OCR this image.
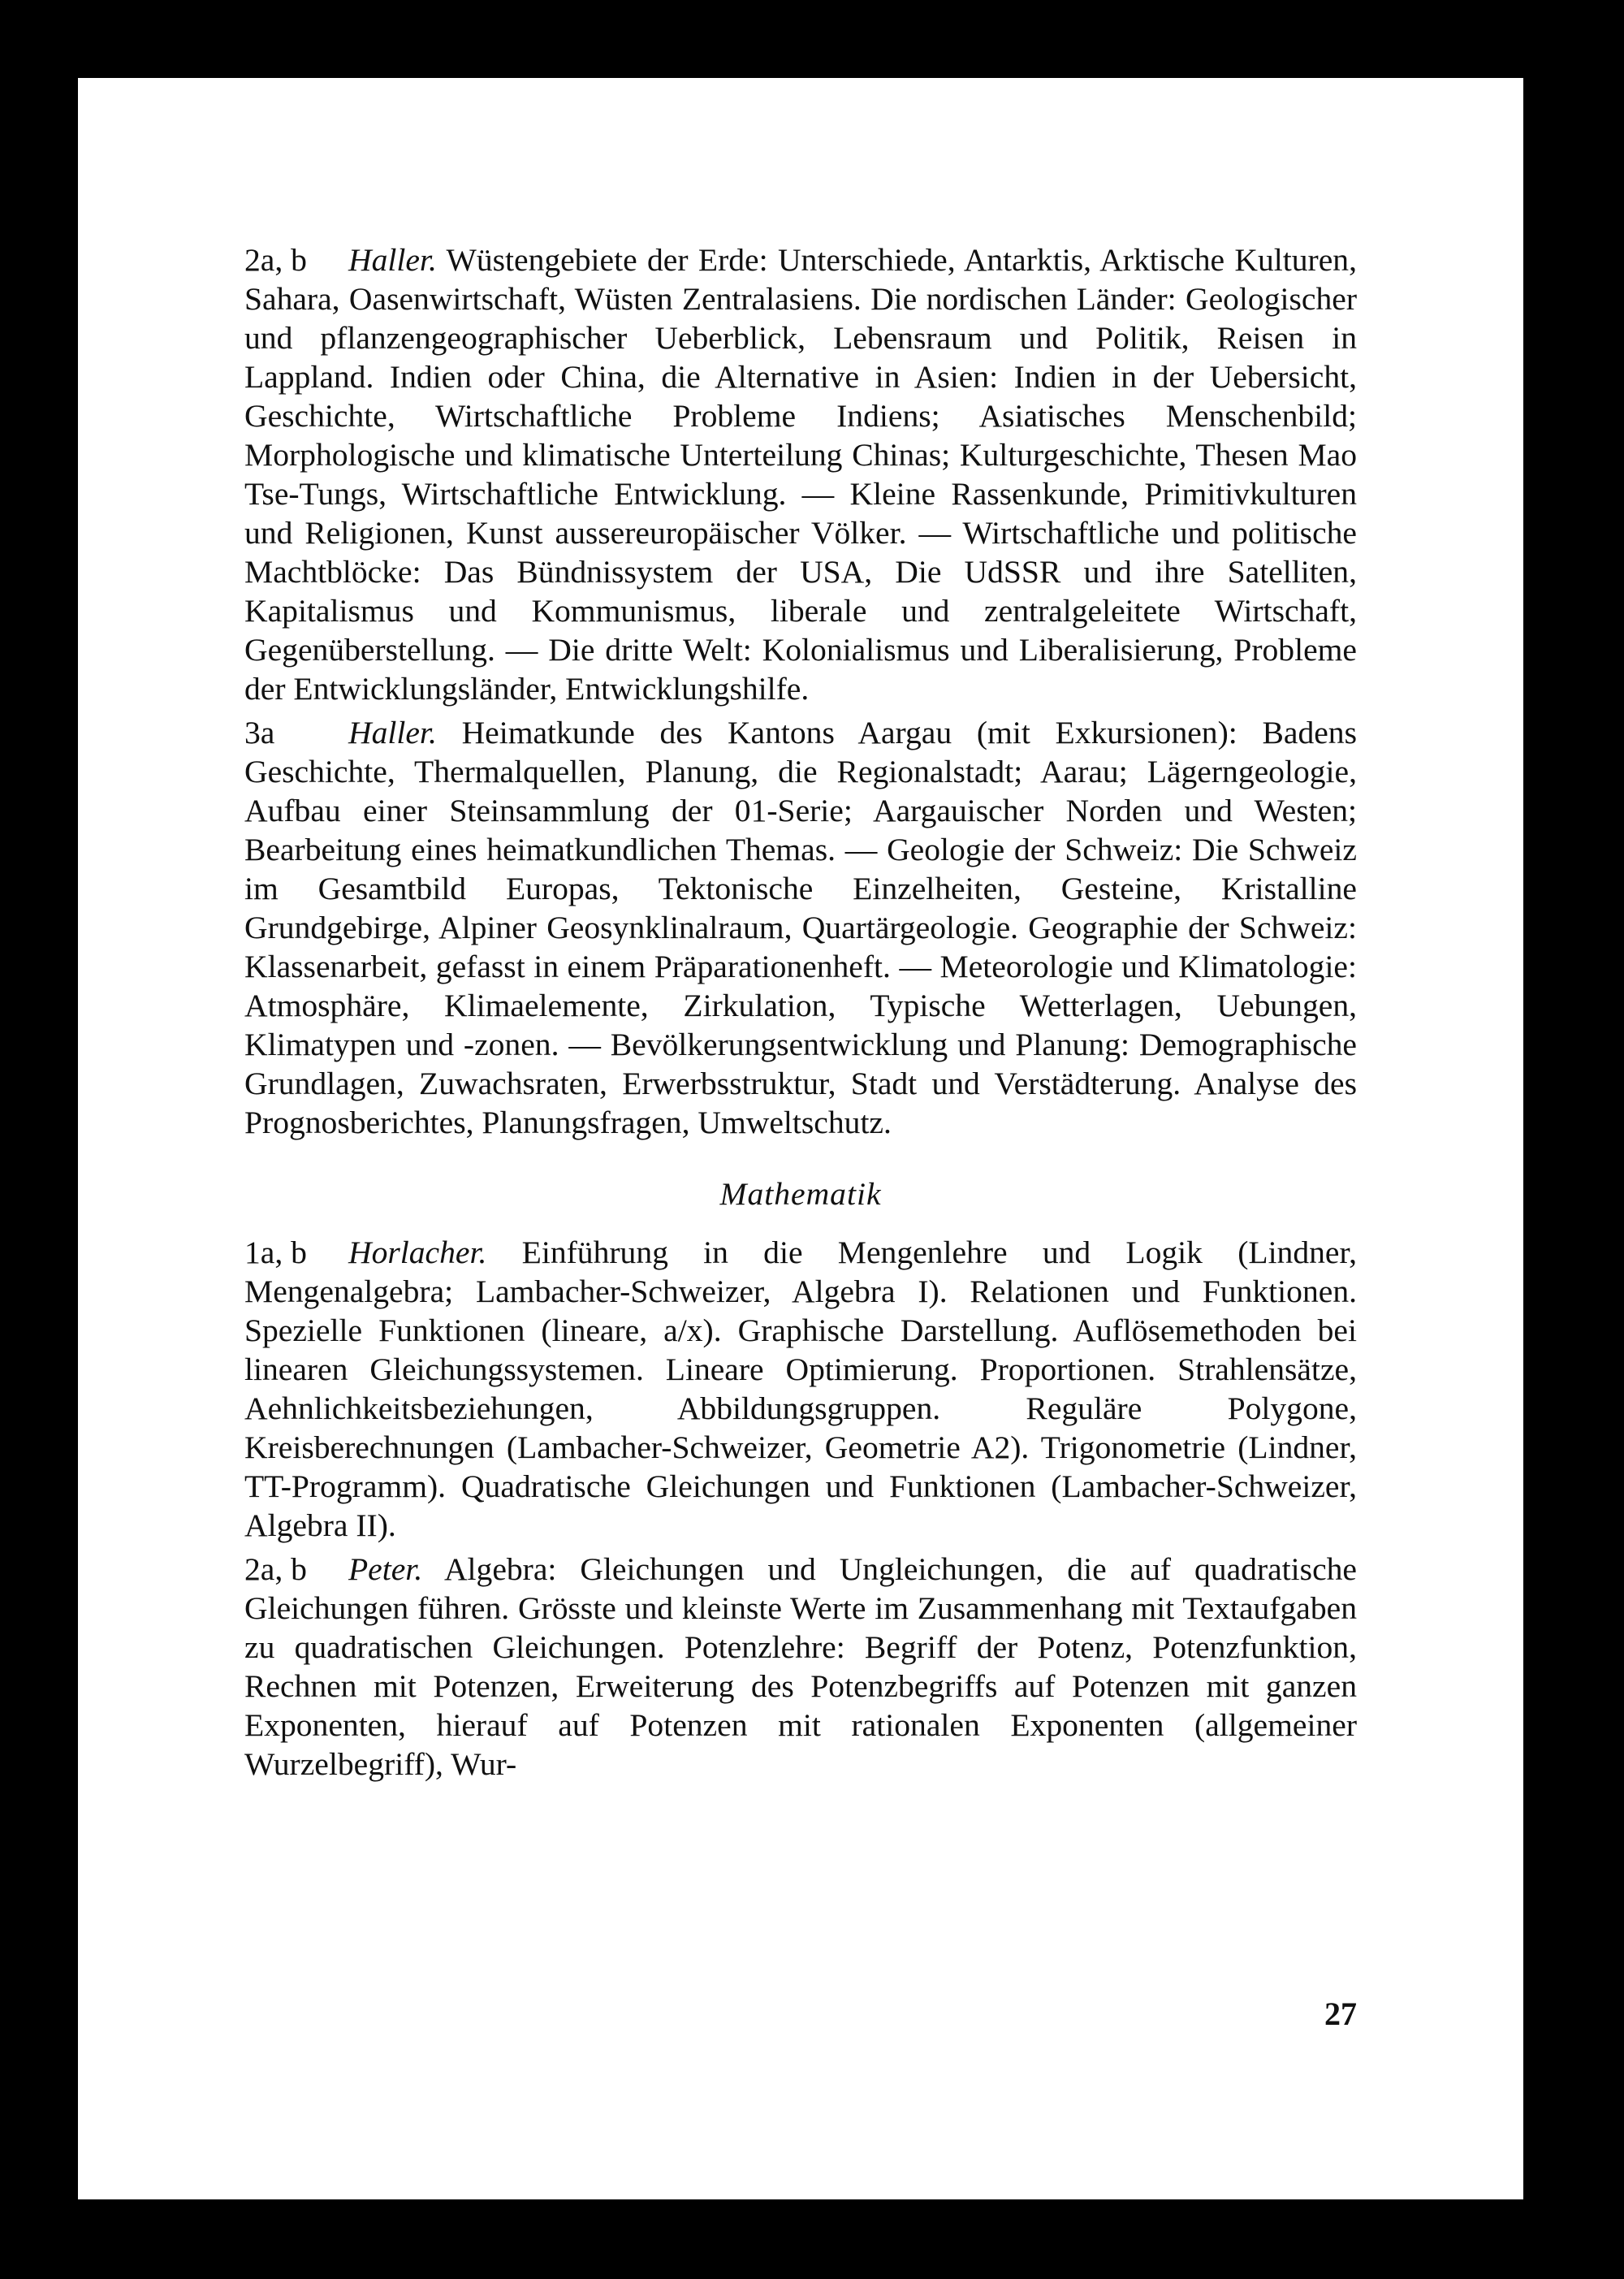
2a, b Haller. Wüstengebiete der Erde: Unterschiede, Antarktis, Arktische Kulturen, Sahara, Oasenwirtschaft, Wüsten Zentralasiens. Die nordischen Länder: Geologischer und pflanzengeographischer Ueberblick, Lebensraum und Politik, Reisen in Lappland. Indien oder China, die Alternative in Asien: Indien in der Uebersicht, Geschichte, Wirtschaftliche Probleme Indiens; Asiatisches Menschenbild; Morphologische und klimatische Unterteilung Chinas; Kulturgeschichte, Thesen Mao Tse-Tungs, Wirtschaftliche Entwicklung. — Kleine Rassenkunde, Primitivkulturen und Religionen, Kunst aussereuropäischer Völker. — Wirtschaftliche und politische Machtblöcke: Das Bündnissystem der USA, Die UdSSR und ihre Satelliten, Kapitalismus und Kommunismus, liberale und zentralgeleitete Wirtschaft, Gegenüberstellung. — Die dritte Welt: Kolonialismus und Liberalisierung, Probleme der Entwicklungsländer, Entwicklungshilfe.

3a Haller. Heimatkunde des Kantons Aargau (mit Exkursionen): Badens Geschichte, Thermalquellen, Planung, die Regionalstadt; Aarau; Lägerngeologie, Aufbau einer Steinsammlung der 01-Serie; Aargauischer Norden und Westen; Bearbeitung eines heimatkundlichen Themas. — Geologie der Schweiz: Die Schweiz im Gesamtbild Europas, Tektonische Einzelheiten, Gesteine, Kristalline Grundgebirge, Alpiner Geosynklinalraum, Quartärgeologie. Geographie der Schweiz: Klassenarbeit, gefasst in einem Präparationenheft. — Meteorologie und Klimatologie: Atmosphäre, Klimaelemente, Zirkulation, Typische Wetterlagen, Uebungen, Klimatypen und -zonen. — Bevölkerungsentwicklung und Planung: Demographische Grundlagen, Zuwachsraten, Erwerbsstruktur, Stadt und Verstädterung. Analyse des Prognosberichtes, Planungsfragen, Umweltschutz.

Mathematik

1a, b Horlacher. Einführung in die Mengenlehre und Logik (Lindner, Mengenalgebra; Lambacher-Schweizer, Algebra I). Relationen und Funktionen. Spezielle Funktionen (lineare, a/x). Graphische Darstellung. Auflösemethoden bei linearen Gleichungssystemen. Lineare Optimierung. Proportionen. Strahlensätze, Aehnlichkeitsbeziehungen, Abbildungsgruppen. Reguläre Polygone, Kreisberechnungen (Lambacher-Schweizer, Geometrie A2). Trigonometrie (Lindner, TT-Programm). Quadratische Gleichungen und Funktionen (Lambacher-Schweizer, Algebra II).

2a, b Peter. Algebra: Gleichungen und Ungleichungen, die auf quadratische Gleichungen führen. Grösste und kleinste Werte im Zusammenhang mit Textaufgaben zu quadratischen Gleichungen. Potenzlehre: Begriff der Potenz, Potenzfunktion, Rechnen mit Potenzen, Erweiterung des Potenzbegriffs auf Potenzen mit ganzen Exponenten, hierauf auf Potenzen mit rationalen Exponenten (allgemeiner Wurzelbegriff), Wur-

27
